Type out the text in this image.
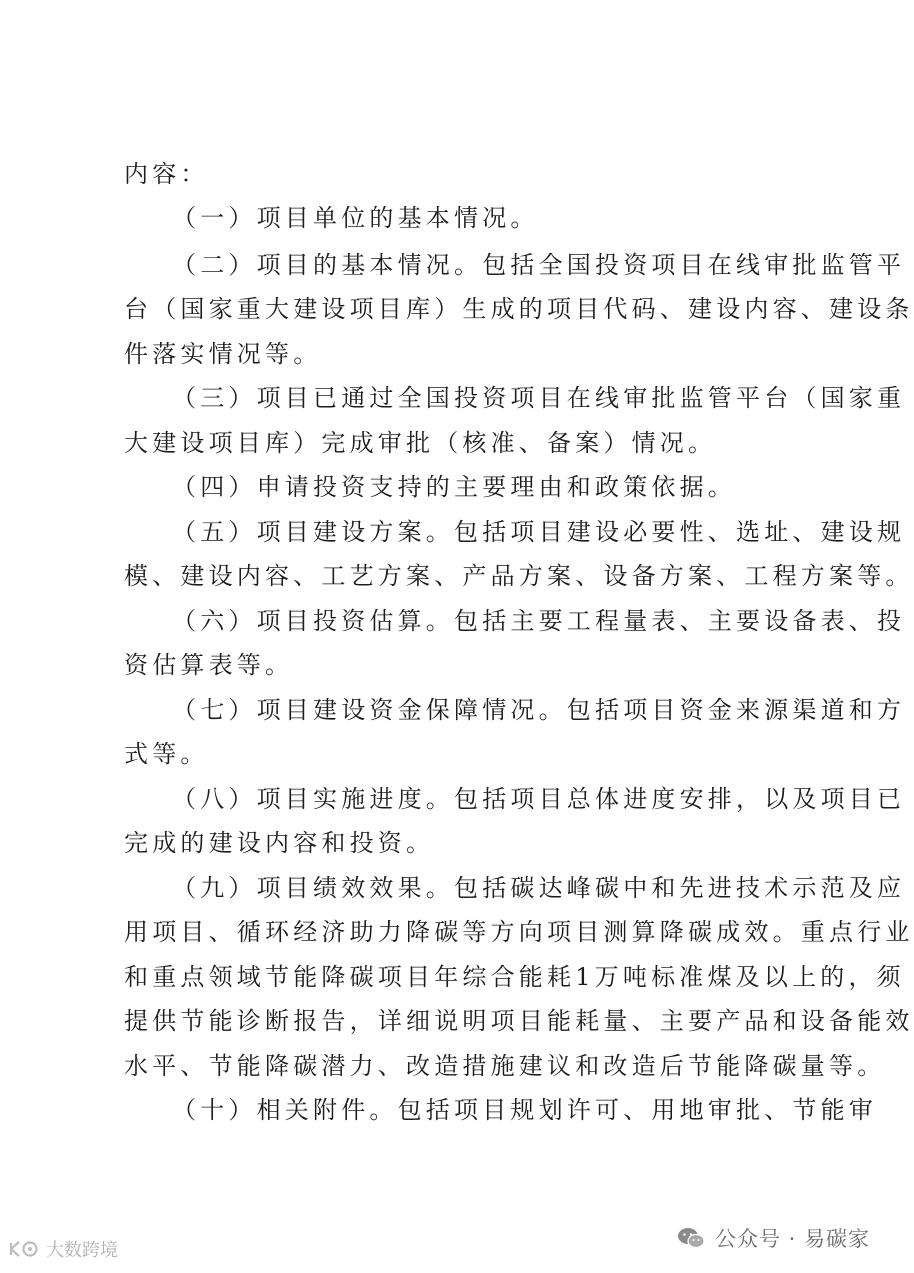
内容：
（一）项目单位的基本情况。
（二）项目的基本情况。包括全国投资项目在线审批监管平
台（国家重大建设项目库）生成的项目代码、建设内容、建设条
件落实情况等。
（三）项目已通过全国投资项目在线审批监管平台（国家重
大建设项目库）完成审批（核准、备案）情况。
（四）申请投资支持的主要理由和政策依据。
（五）项目建设方案。包括项目建设必要性、选址、建设规
模、建设内容、工艺方案、产品方案、设备方案、工程方案等。
（六）项目投资估算。包括主要工程量表、主要设备表、投
资估算表等。
（七）项目建设资金保障情况。包括项目资金来源渠道和方
式等。
（八）项目实施进度。包括项目总体进度安排，以及项目已
完成的建设内容和投资。
（九）项目绩效效果。包括碳达峰碳中和先进技术示范及应
用项目、循环经济助力降碳等方向项目测算降碳成效。重点行业
和重点领域节能降碳项目年综合能耗1万吨标准煤及以上的，须
提供节能诊断报告，详细说明项目能耗量、主要产品和设备能效
水平、节能降碳潜力、改造措施建议和改造后节能降碳量等。
（十）相关附件。包括项目规划许可、用地审批、节能审
公众号 · 易碳家
大数跨境
